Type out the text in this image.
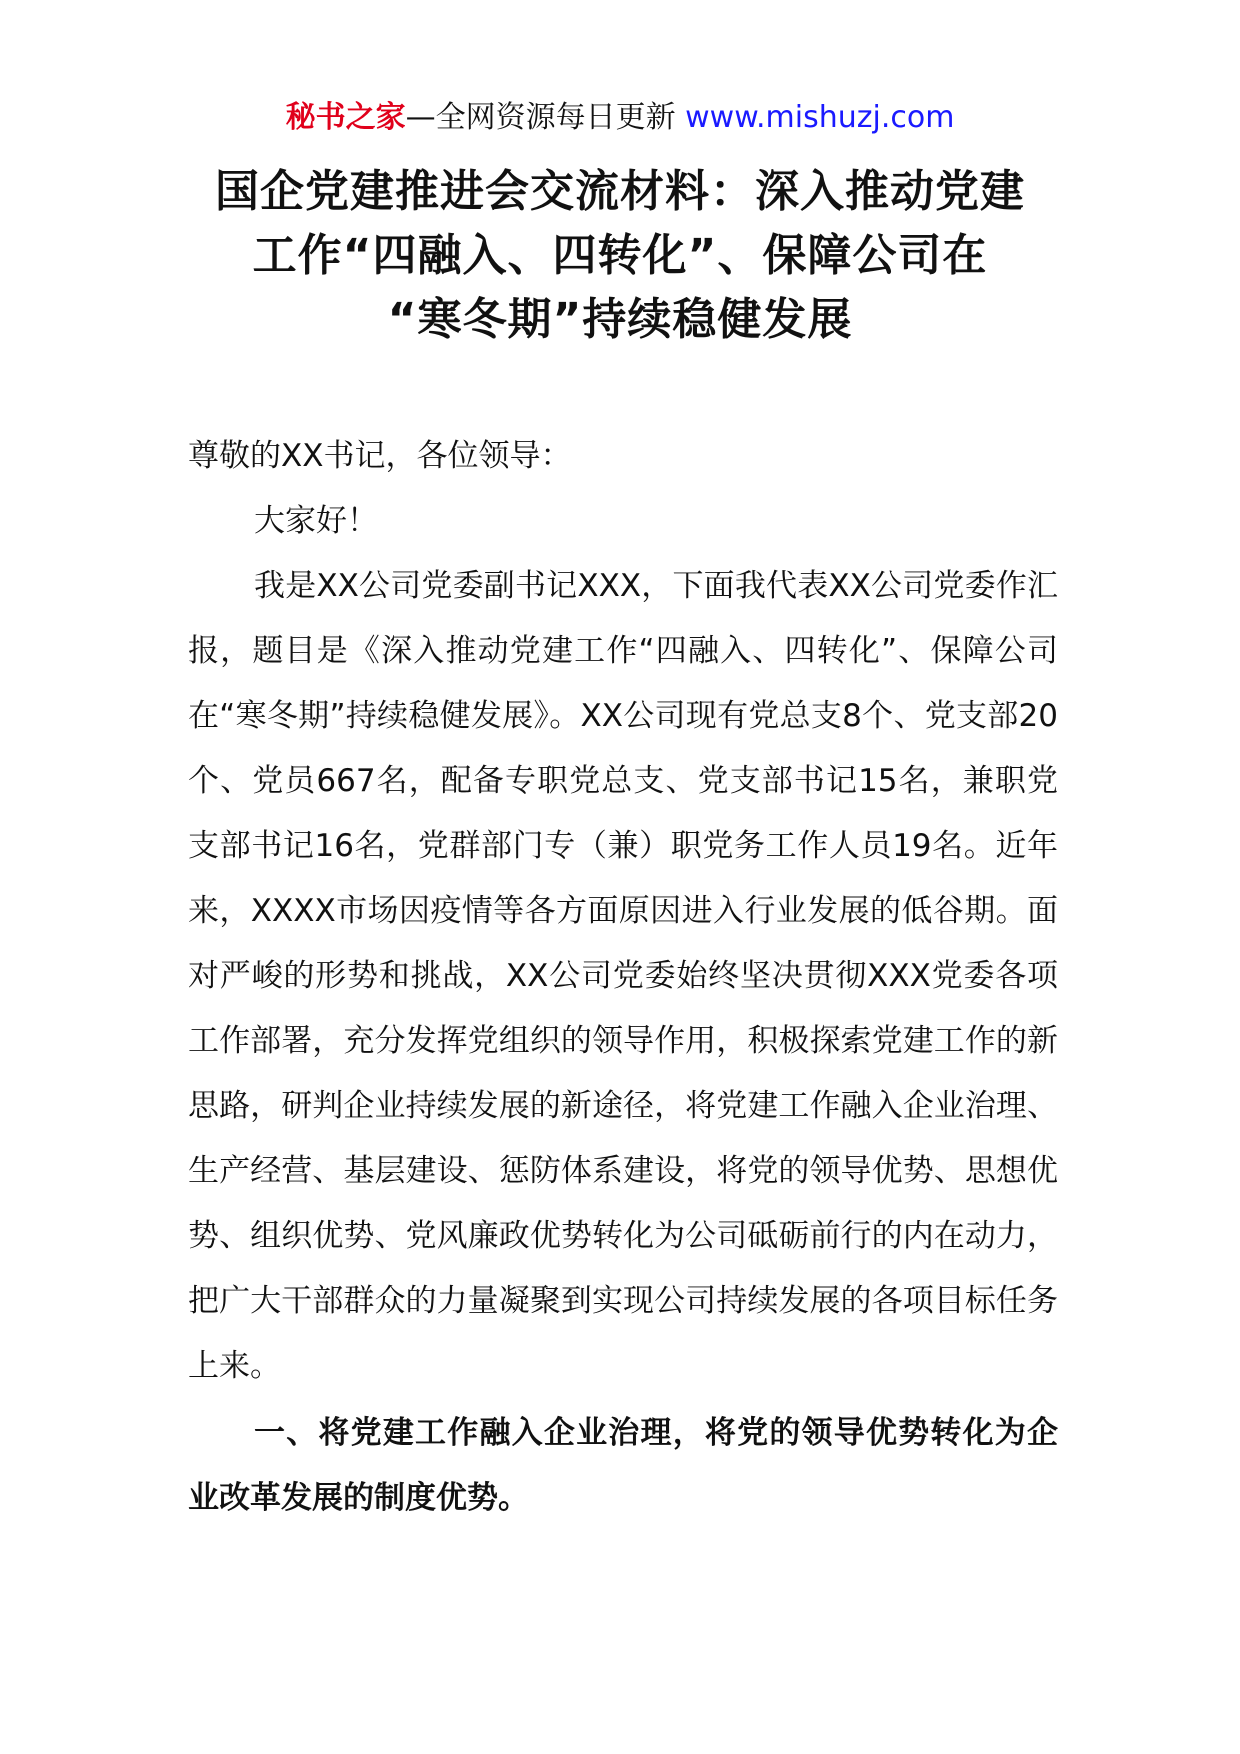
秘书之家—全网资源每日更新 www.mishuzj.com
国企党建推进会交流材料：深入推动党建
工作“四融入、四转化”、保障公司在
“寒冬期”持续稳健发展

尊敬的XX书记，各位领导：

大家好！

我是XX公司党委副书记XXX，下面我代表XX公司党委作汇报，题目是《深入推动党建工作“四融入、四转化”、保障公司在“寒冬期”持续稳健发展》。XX公司现有党总支8个、党支部20个、党员667名，配备专职党总支、党支部书记15名，兼职党支部书记16名，党群部门专（兼）职党务工作人员19名。近年来，XXXX市场因疫情等各方面原因进入行业发展的低谷期。面对严峻的形势和挑战，XX公司党委始终坚决贯彻XXX党委各项工作部署，充分发挥党组织的领导作用，积极探索党建工作的新思路，研判企业持续发展的新途径，将党建工作融入企业治理、生产经营、基层建设、惩防体系建设，将党的领导优势、思想优势、组织优势、党风廉政优势转化为公司砥砺前行的内在动力，把广大干部群众的力量凝聚到实现公司持续发展的各项目标任务上来。

一、将党建工作融入企业治理，将党的领导优势转化为企业改革发展的制度优势。
